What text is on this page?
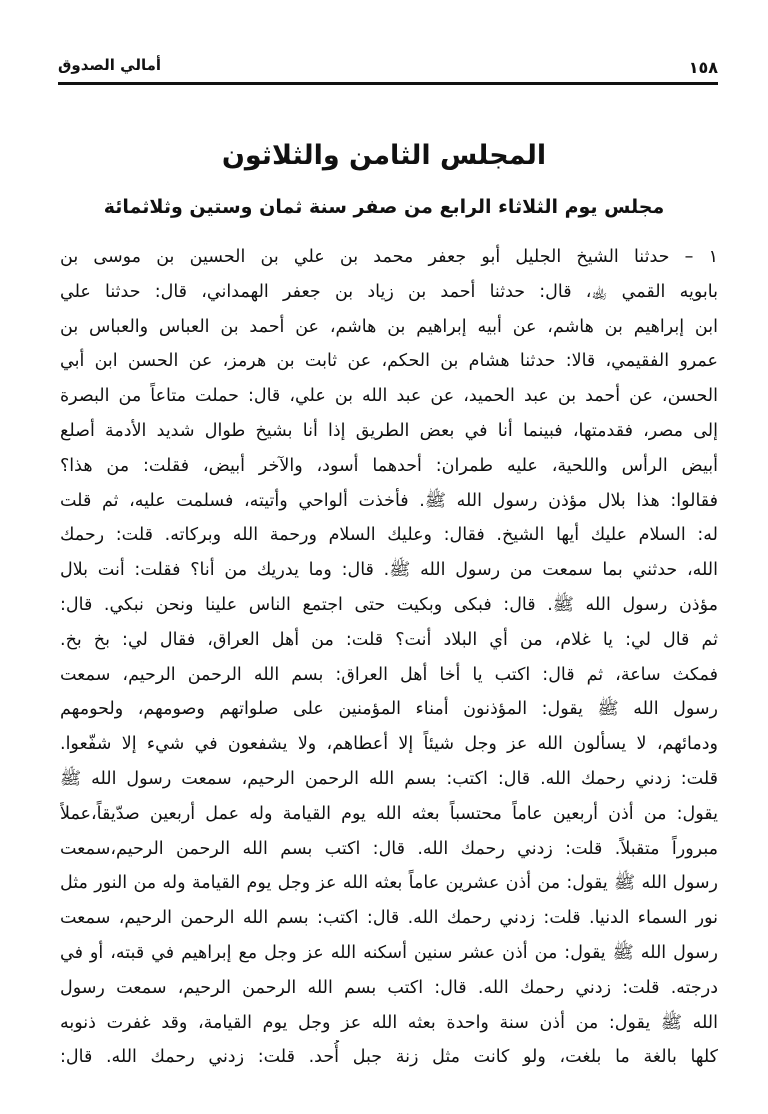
أمالي الصدوق	١٥٨
المجلس الثامن والثلاثون
مجلس يوم الثلاثاء الرابع من صفر سنة ثمان وستين وثلاثمائة
١ – حدثنا الشيخ الجليل أبو جعفر محمد بن علي بن الحسين بن موسى بن
بابويه القمي ﵀، قال: حدثنا أحمد بن زياد بن جعفر الهمداني، قال: حدثنا علي
ابن إبراهيم بن هاشم، عن أبيه إبراهيم بن هاشم، عن أحمد بن العباس والعباس بن
عمرو الفقيمي، قالا: حدثنا هشام بن الحكم، عن ثابت بن هرمز، عن الحسن ابن أبي
الحسن، عن أحمد بن عبد الحميد، عن عبد الله بن علي، قال: حملت متاعاً من البصرة
إلى مصر، فقدمتها، فبينما أنا في بعض الطريق إذا أنا بشيخ طوال شديد الأدمة أصلع
أبيض الرأس واللحية، عليه طمران: أحدهما أسود، والآخر أبيض، فقلت: من هذا؟
فقالوا: هذا بلال مؤذن رسول الله ﷺ. فأخذت ألواحي وأتيته، فسلمت عليه، ثم قلت
له: السلام عليك أيها الشيخ. فقال: وعليك السلام ورحمة الله وبركاته. قلت: رحمك
الله، حدثني بما سمعت من رسول الله ﷺ. قال: وما يدريك من أنا؟ فقلت: أنت بلال
مؤذن رسول الله ﷺ. قال: فبكى وبكيت حتى اجتمع الناس علينا ونحن نبكي. قال:
ثم قال لي: يا غلام، من أي البلاد أنت؟ قلت: من أهل العراق، فقال لي: بخ بخ.
فمكث ساعة، ثم قال: اكتب يا أخا أهل العراق: بسم الله الرحمن الرحيم، سمعت
رسول الله ﷺ يقول: المؤذنون أمناء المؤمنين على صلواتهم وصومهم، ولحومهم
ودمائهم، لا يسألون الله عز وجل شيئاً إلا أعطاهم، ولا يشفعون في شيء إلا شفّعوا.
قلت: زدني رحمك الله. قال: اكتب: بسم الله الرحمن الرحيم، سمعت رسول الله ﷺ
يقول: من أذن أربعين عاماً محتسباً بعثه الله يوم القيامة وله عمل أربعين صدّيقاً،عملاً
مبروراً متقبلاً. قلت: زدني رحمك الله. قال: اكتب بسم الله الرحمن الرحيم،سمعت
رسول الله ﷺ يقول: من أذن عشرين عاماً بعثه الله عز وجل يوم القيامة وله من النور مثل
نور السماء الدنيا. قلت: زدني رحمك الله. قال: اكتب: بسم الله الرحمن الرحيم، سمعت
رسول الله ﷺ يقول: من أذن عشر سنين أسكنه الله عز وجل مع إبراهيم في قبته، أو في
درجته. قلت: زدني رحمك الله. قال: اكتب بسم الله الرحمن الرحيم، سمعت رسول
الله ﷺ يقول: من أذن سنة واحدة بعثه الله عز وجل يوم القيامة، وقد غفرت ذنوبه
كلها بالغة ما بلغت، ولو كانت مثل زنة جبل أُحد. قلت: زدني رحمك الله. قال:
